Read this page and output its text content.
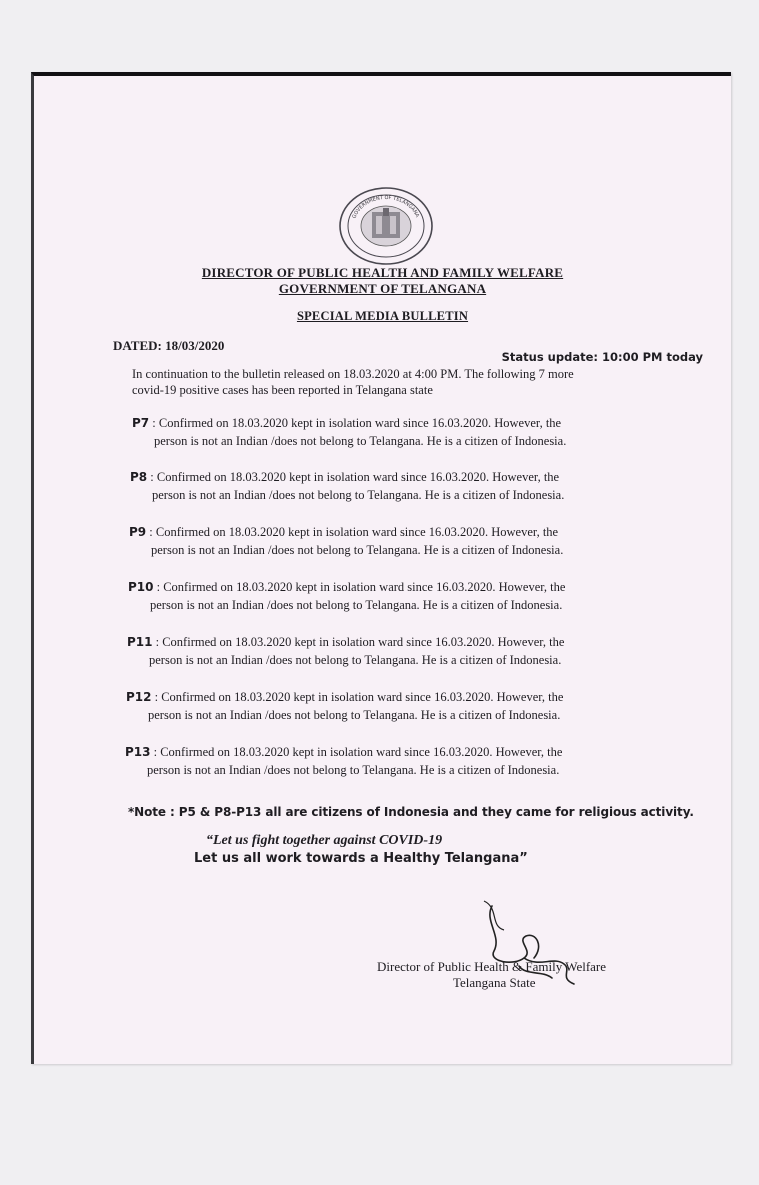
GOVERNMENT OF TELANGANA
DIRECTOR OF PUBLIC HEALTH AND FAMILY WELFARE
GOVERNMENT OF TELANGANA
SPECIAL MEDIA BULLETIN
DATED: 18/03/2020
Status update: 10:00 PM today
In continuation to the bulletin released on 18.03.2020 at 4:00 PM. The following 7 more
covid-19 positive cases has been reported in Telangana state
P7 : Confirmed on 18.03.2020 kept in isolation ward since 16.03.2020. However, the
person is not an Indian /does not belong to Telangana. He is a citizen of Indonesia.
P8 : Confirmed on 18.03.2020 kept in isolation ward since 16.03.2020. However, the
person is not an Indian /does not belong to Telangana. He is a citizen of Indonesia.
P9 : Confirmed on 18.03.2020 kept in isolation ward since 16.03.2020. However, the
person is not an Indian /does not belong to Telangana. He is a citizen of Indonesia.
P10 : Confirmed on 18.03.2020 kept in isolation ward since 16.03.2020. However, the
person is not an Indian /does not belong to Telangana. He is a citizen of Indonesia.
P11 : Confirmed on 18.03.2020 kept in isolation ward since 16.03.2020. However, the
person is not an Indian /does not belong to Telangana. He is a citizen of Indonesia.
P12 : Confirmed on 18.03.2020 kept in isolation ward since 16.03.2020. However, the
person is not an Indian /does not belong to Telangana. He is a citizen of Indonesia.
P13 : Confirmed on 18.03.2020 kept in isolation ward since 16.03.2020. However, the
person is not an Indian /does not belong to Telangana. He is a citizen of Indonesia.
*Note : P5 & P8-P13 all are citizens of Indonesia and they came for religious activity.
“Let us fight together against COVID-19
Let us all work towards a Healthy Telangana”
Director of Public Health & Family Welfare
Telangana State
